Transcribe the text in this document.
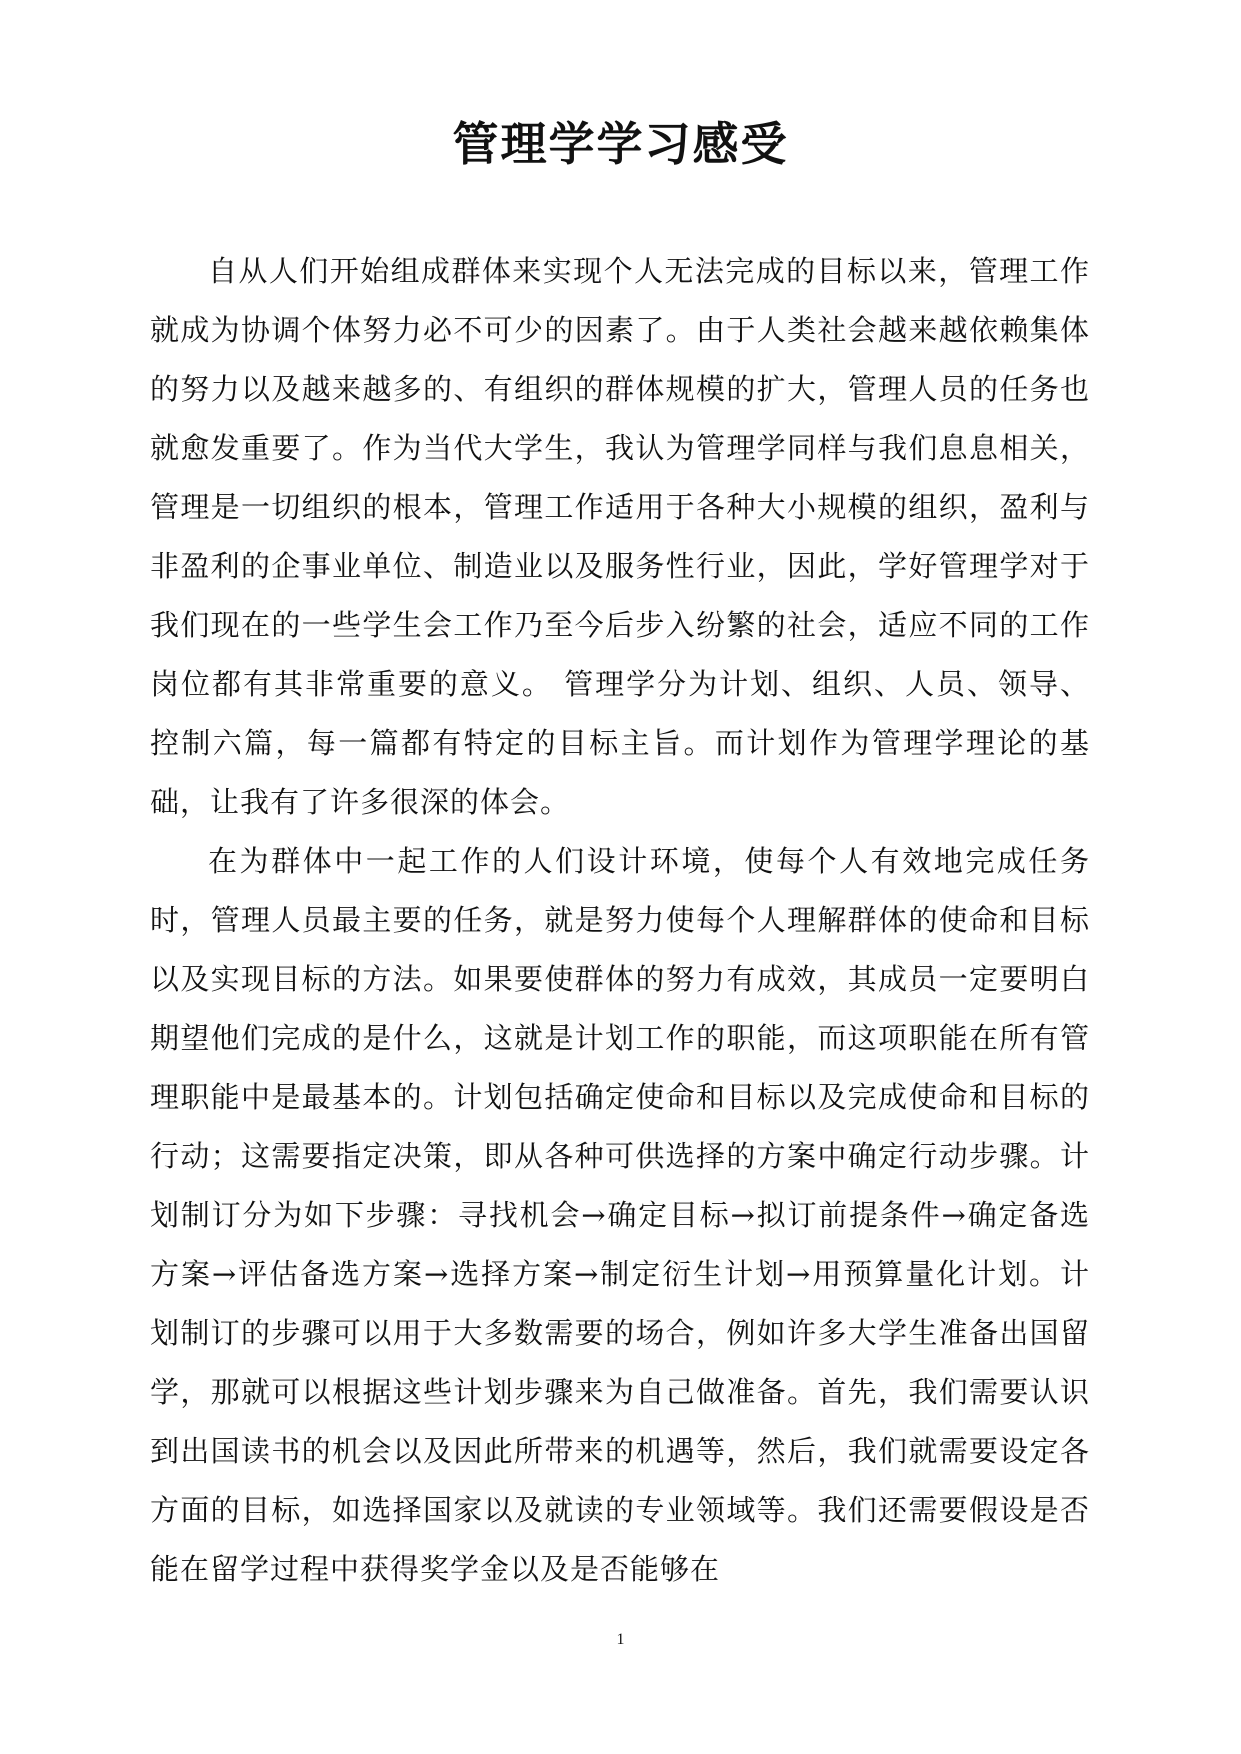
管理学学习感受

自从人们开始组成群体来实现个人无法完成的目标以来，管理工作就成为协调个体努力必不可少的因素了。由于人类社会越来越依赖集体的努力以及越来越多的、有组织的群体规模的扩大，管理人员的任务也就愈发重要了。作为当代大学生，我认为管理学同样与我们息息相关，管理是一切组织的根本，管理工作适用于各种大小规模的组织，盈利与非盈利的企事业单位、制造业以及服务性行业，因此，学好管理学对于我们现在的一些学生会工作乃至今后步入纷繁的社会，适应不同的工作岗位都有其非常重要的意义。 管理学分为计划、组织、人员、领导、控制六篇，每一篇都有特定的目标主旨。而计划作为管理学理论的基础，让我有了许多很深的体会。

在为群体中一起工作的人们设计环境，使每个人有效地完成任务时，管理人员最主要的任务，就是努力使每个人理解群体的使命和目标以及实现目标的方法。如果要使群体的努力有成效，其成员一定要明白期望他们完成的是什么，这就是计划工作的职能，而这项职能在所有管理职能中是最基本的。计划包括确定使命和目标以及完成使命和目标的行动；这需要指定决策，即从各种可供选择的方案中确定行动步骤。计划制订分为如下步骤：寻找机会→确定目标→拟订前提条件→确定备选方案→评估备选方案→选择方案→制定衍生计划→用预算量化计划。计划制订的步骤可以用于大多数需要的场合，例如许多大学生准备出国留学，那就可以根据这些计划步骤来为自己做准备。首先，我们需要认识到出国读书的机会以及因此所带来的机遇等，然后，我们就需要设定各方面的目标，如选择国家以及就读的专业领域等。我们还需要假设是否能在留学过程中获得奖学金以及是否能够在

1
